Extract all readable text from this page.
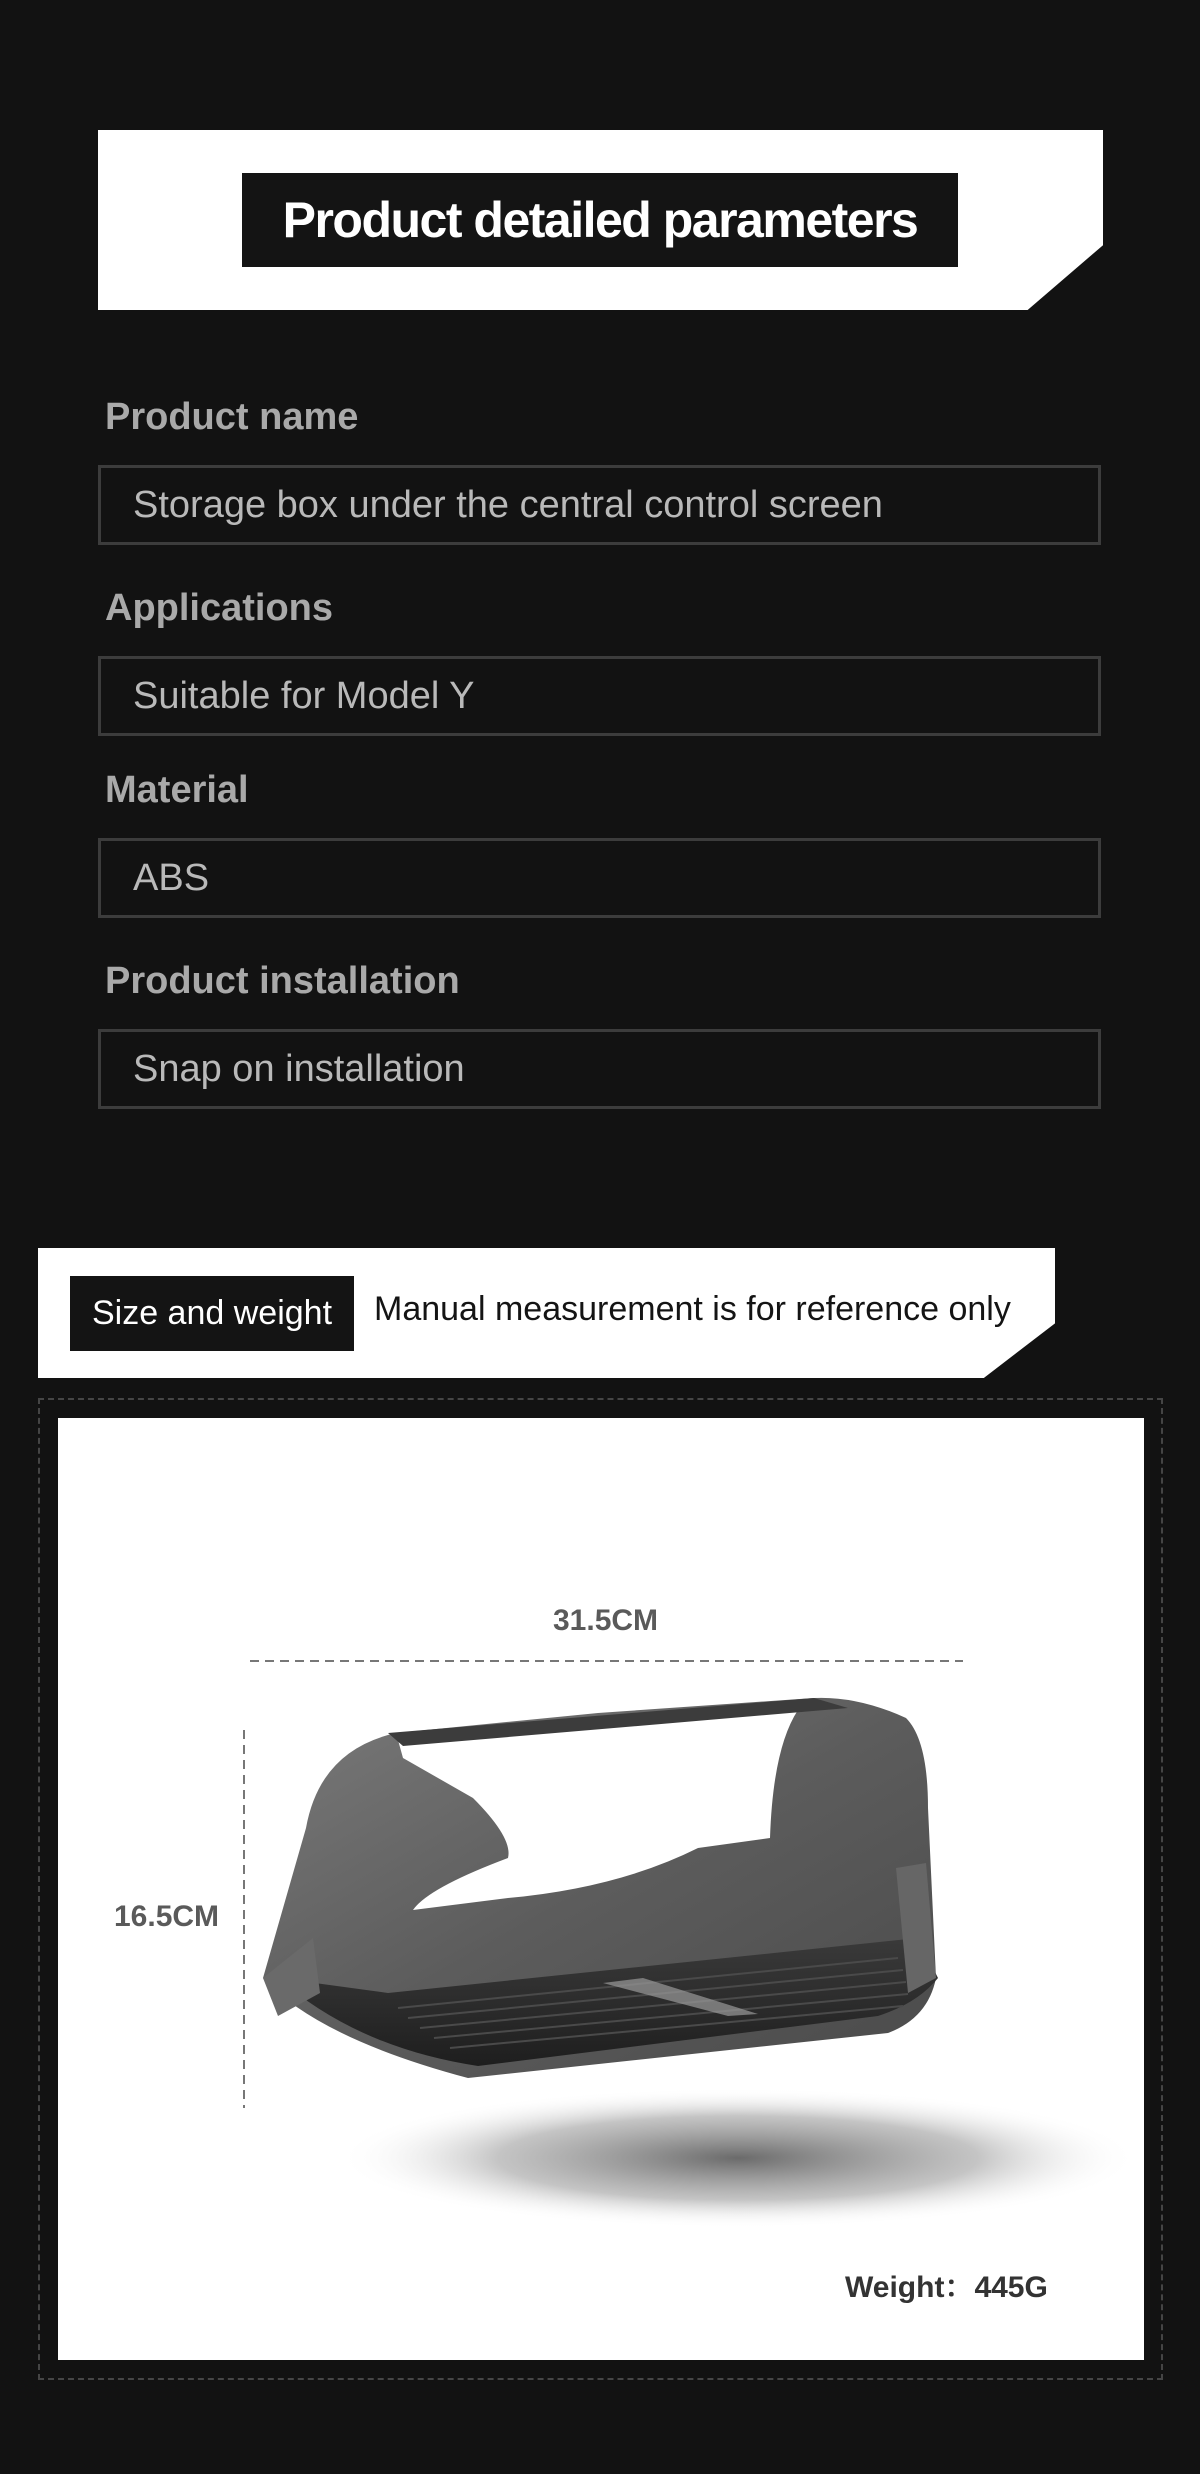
Product detailed parameters
Product name
Storage box under the central control screen
Applications
Suitable for Model Y
Material
ABS
Product installation
Snap on installation
Size and weight	Manual measurement is for reference only
31.5CM
16.5CM
Weight：445G
